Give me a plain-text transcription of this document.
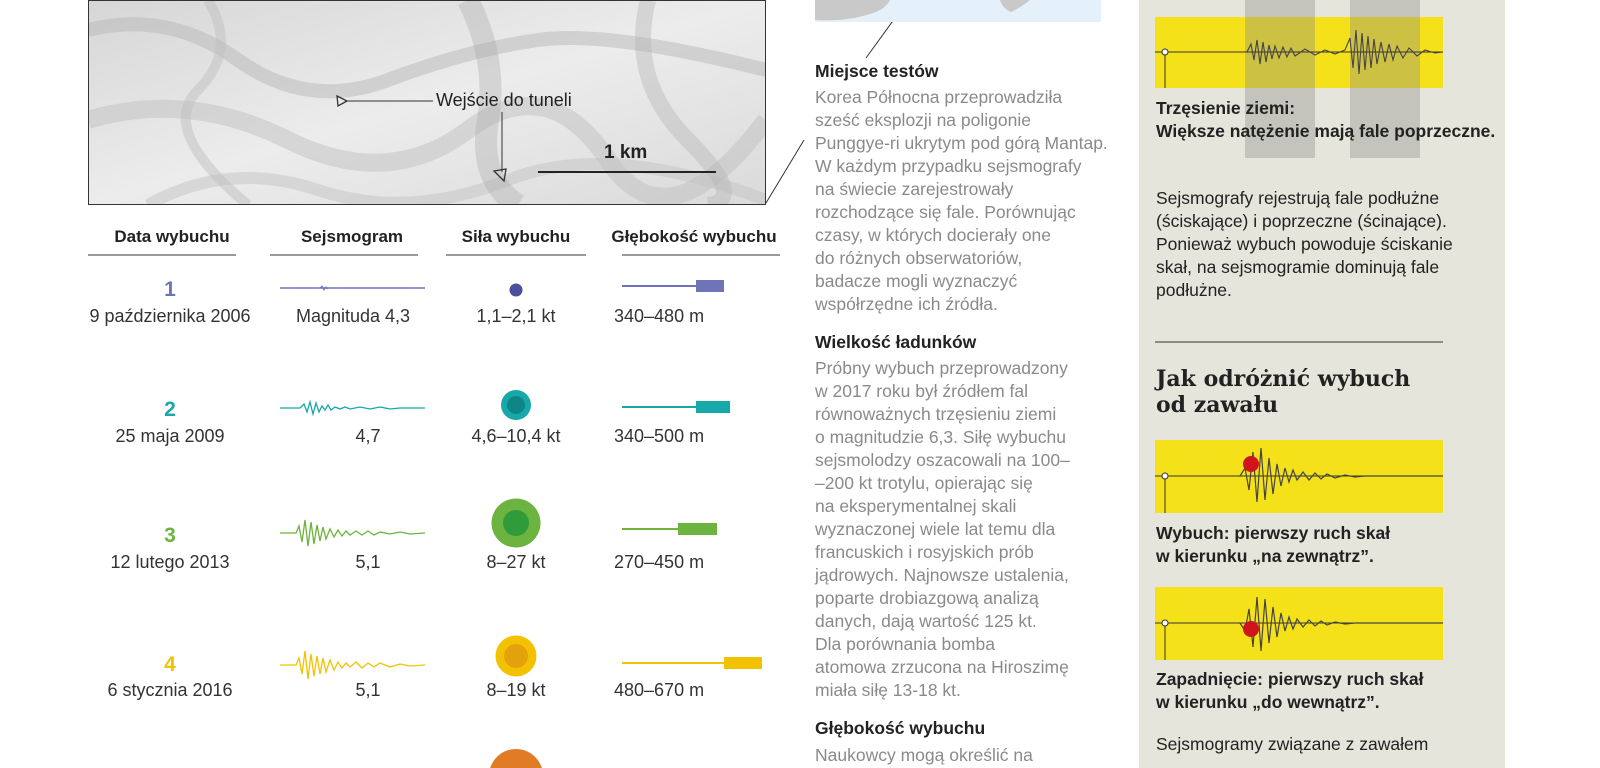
Wejście do tuneli
1 km
Data wybuchu	Sejsmogram	Siła wybuchu	Głębokość wybuchu
1
9 października 2006	Magnituda 4,3	1,1–2,1 kt	340–480 m
2
25 maja 2009	4,7	4,6–10,4 kt	340–500 m
3
12 lutego 2013	5,1	8–27 kt	270–450 m
4
6 stycznia 2016	5,1	8–19 kt	480–670 m
Miejsce testów
Korea Północna przeprowadziła
sześć eksplozji na poligonie
Punggye-ri ukrytym pod górą Mantap.
W każdym przypadku sejsmografy
na świecie zarejestrowały
rozchodzące się fale. Porównując
czasy, w których docierały one
do różnych obserwatoriów,
badacze mogli wyznaczyć
współrzędne ich źródła.
Wielkość ładunków
Próbny wybuch przeprowadzony
w 2017 roku był źródłem fal
równoważnych trzęsieniu ziemi
o magnitudzie 6,3. Siłę wybuchu
sejsmolodzy oszacowali na 100–
–200 kt trotylu, opierając się
na eksperymentalnej skali
wyznaczonej wiele lat temu dla
francuskich i rosyjskich prób
jądrowych. Najnowsze ustalenia,
poparte drobiazgową analizą
danych, dają wartość 125 kt.
Dla porównania bomba
atomowa zrzucona na Hiroszimę
miała siłę 13-18 kt.
Głębokość wybuchu
Naukowcy mogą określić na
Trzęsienie ziemi:
Większe natężenie mają fale poprzeczne.
Sejsmografy rejestrują fale podłużne
(ściskające) i poprzeczne (ścinające).
Ponieważ wybuch powoduje ściskanie
skał, na sejsmogramie dominują fale
podłużne.
Jak odróżnić wybuch
od zawału
Wybuch: pierwszy ruch skał
w kierunku „na zewnątrz”.
Zapadnięcie: pierwszy ruch skał
w kierunku „do wewnątrz”.
Sejsmogramy związane z zawałem
